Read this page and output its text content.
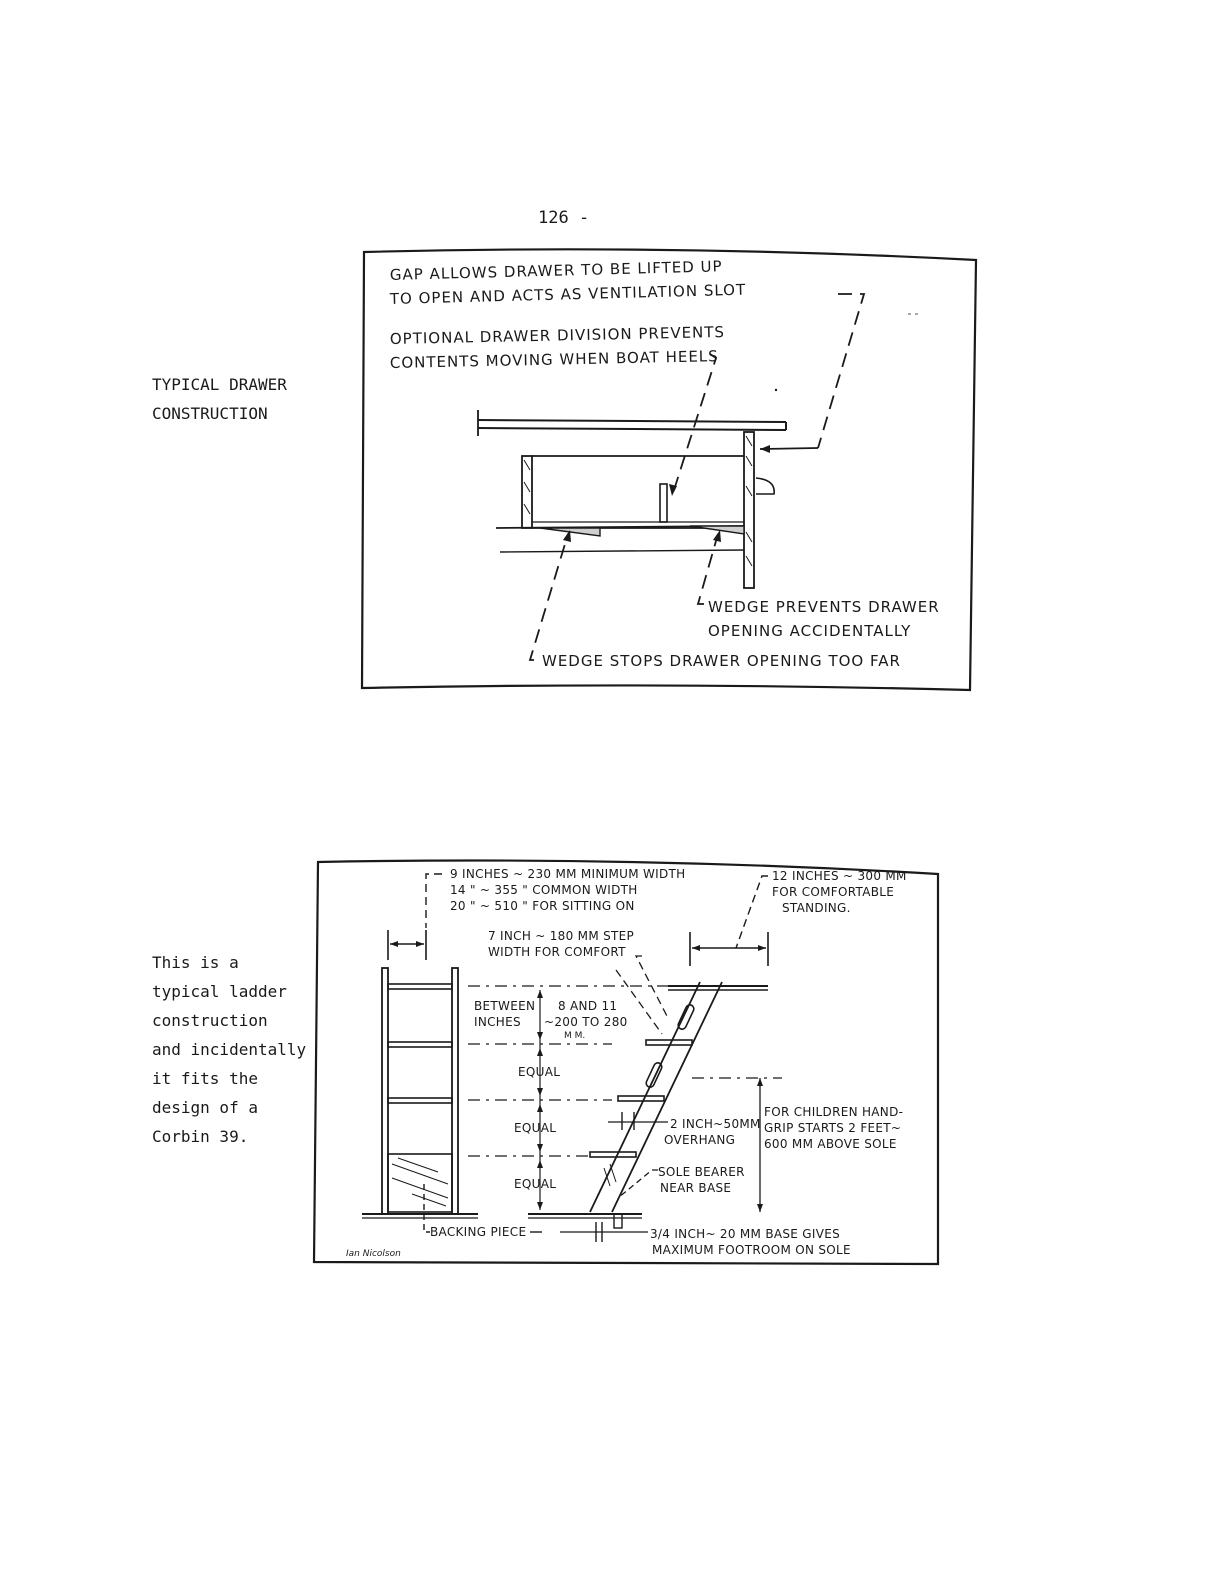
126 -
TYPICAL DRAWER
CONSTRUCTION
GAP ALLOWS DRAWER TO BE LIFTED UP
TO OPEN AND ACTS AS VENTILATION SLOT
OPTIONAL DRAWER DIVISION PREVENTS
CONTENTS MOVING WHEN BOAT HEELS
WEDGE PREVENTS DRAWER
OPENING ACCIDENTALLY
WEDGE STOPS DRAWER OPENING TOO FAR
This is a
typical ladder
construction
and incidentally
it fits the
design of a
Corbin 39.
9 INCHES ~ 230 MM MINIMUM WIDTH
14 " ~ 355 " COMMON WIDTH
20 " ~ 510 " FOR SITTING ON
12 INCHES ~ 300 MM
FOR COMFORTABLE
STANDING.
7 INCH ~ 180 MM STEP
WIDTH FOR COMFORT
BACKING PIECE
Ian Nicolson
BETWEEN
INCHES
8 AND 11
~200 TO 280
M M.
EQUAL
EQUAL
EQUAL
2 INCH~50MM
OVERHANG
FOR CHILDREN HAND-
GRIP STARTS 2 FEET~
600 MM ABOVE SOLE
SOLE BEARER
NEAR BASE
3/4 INCH~ 20 MM BASE GIVES
MAXIMUM FOOTROOM ON SOLE
